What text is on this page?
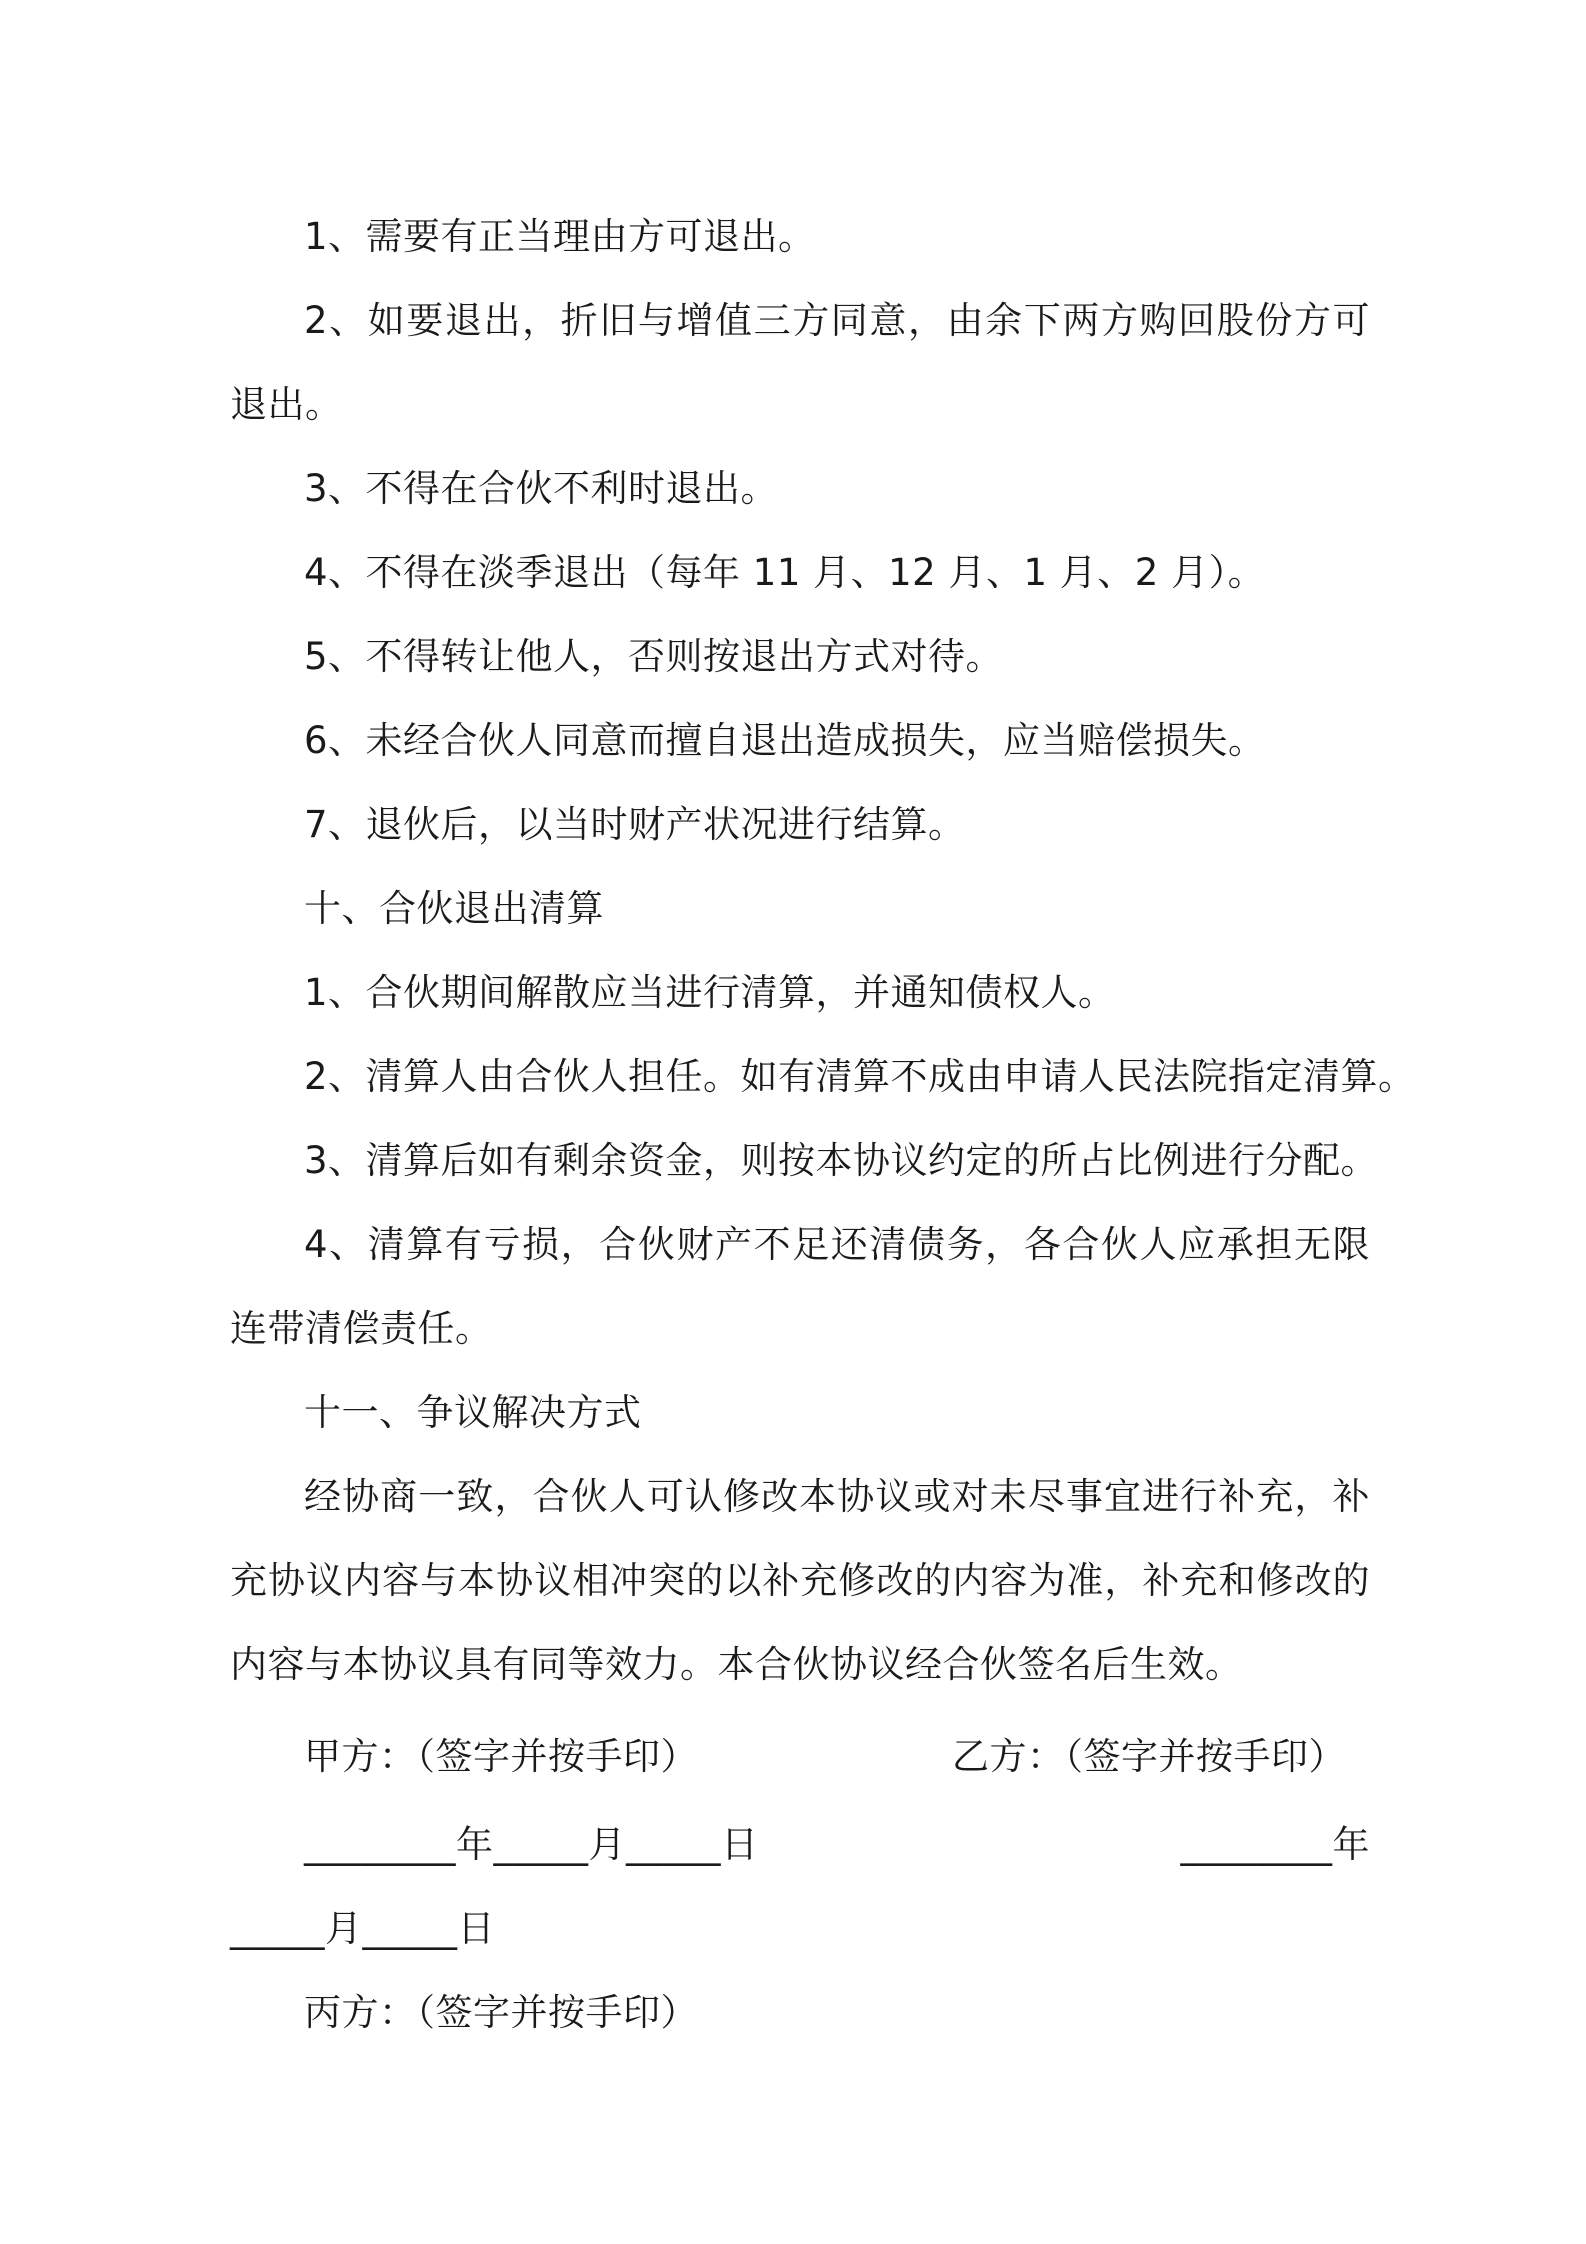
1、需要有正当理由方可退出。
2、如要退出，折旧与增值三方同意，由余下两方购回股份方可退出。
3、不得在合伙不利时退出。
4、不得在淡季退出（每年 11 月、12 月、1 月、2 月）。
5、不得转让他人，否则按退出方式对待。
6、未经合伙人同意而擅自退出造成损失，应当赔偿损失。
7、退伙后，以当时财产状况进行结算。
十、合伙退出清算
1、合伙期间解散应当进行清算，并通知债权人。
2、清算人由合伙人担任。如有清算不成由申请人民法院指定清算。
3、清算后如有剩余资金，则按本协议约定的所占比例进行分配。
4、清算有亏损，合伙财产不足还清债务，各合伙人应承担无限连带清偿责任。
十一、争议解决方式
经协商一致，合伙人可认修改本协议或对未尽事宜进行补充，补充协议内容与本协议相冲突的以补充修改的内容为准，补充和修改的内容与本协议具有同等效力。本合伙协议经合伙签名后生效。
甲方：（签字并按手印）	乙方：（签字并按手印）
________年_____月_____日	________年
_____月_____日
丙方：（签字并按手印）
